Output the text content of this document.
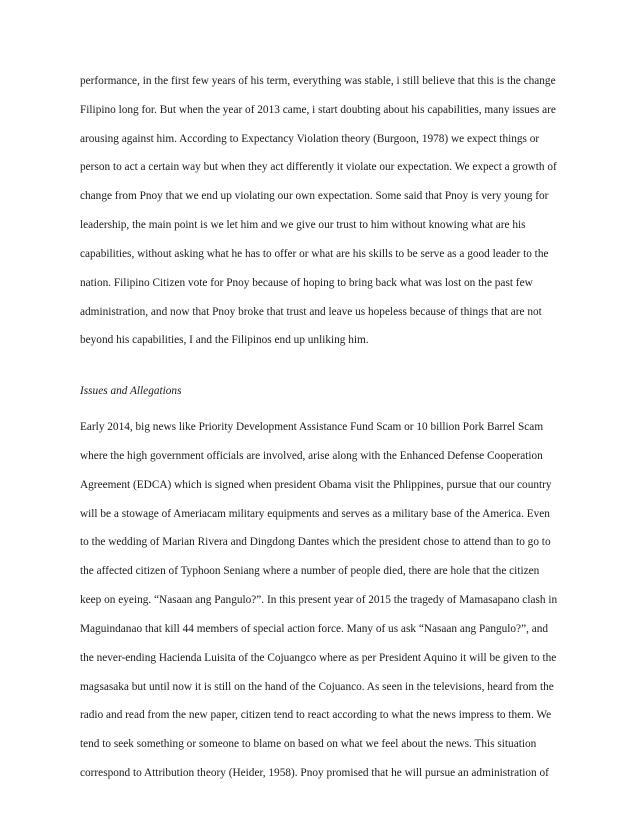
performance, in the first few years of his term, everything was stable, i still believe that this is the change
Filipino long for. But when the year of 2013 came, i start doubting about his capabilities, many issues are
arousing against him. According to Expectancy Violation theory (Burgoon, 1978) we expect things or
person to act a certain way but when they act differently it violate our expectation. We expect a growth of
change from Pnoy that we end up violating our own expectation. Some said that Pnoy is very young for
leadership, the main point is we let him and we give our trust to him without knowing what are his
capabilities, without asking what he has to offer or what are his skills to be serve as a good leader to the
nation. Filipino Citizen vote for Pnoy because of hoping to bring back what was lost on the past few
administration, and now that Pnoy broke that trust and leave us hopeless because of things that are not
beyond his capabilities, I and the Filipinos end up unliking him.
Issues and Allegations
Early 2014, big news like Priority Development Assistance Fund Scam or 10 billion Pork Barrel Scam
where the high government officials are involved, arise along with the Enhanced Defense Cooperation
Agreement (EDCA) which is signed when president Obama visit the Phlippines, pursue that our country
will be a stowage of Ameriacam military equipments and serves as a military base of the America. Even
to the wedding of Marian Rivera and Dingdong Dantes which the president chose to attend than to go to
the affected citizen of Typhoon Seniang where a number of people died, there are hole that the citizen
keep on eyeing. “Nasaan ang Pangulo?”. In this present year of 2015 the tragedy of Mamasapano clash in
Maguindanao that kill 44 members of special action force. Many of us ask “Nasaan ang Pangulo?”, and
the never-ending Hacienda Luisita of the Cojuangco where as per President Aquino it will be given to the
magsasaka but until now it is still on the hand of the Cojuanco. As seen in the televisions, heard from the
radio and read from the new paper, citizen tend to react according to what the news impress to them. We
tend to seek something or someone to blame on based on what we feel about the news. This situation
correspond to Attribution theory (Heider, 1958). Pnoy promised that he will pursue an administration of
